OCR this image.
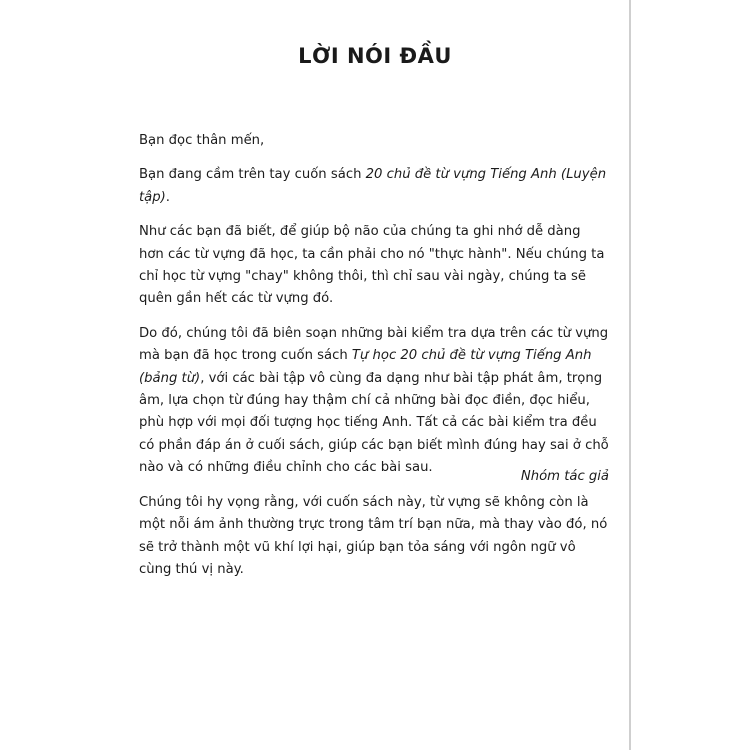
LỜI NÓI ĐẦU

Bạn đọc thân mến,

Bạn đang cầm trên tay cuốn sách 20 chủ đề từ vựng Tiếng Anh (Luyện tập).

Như các bạn đã biết, để giúp bộ não của chúng ta ghi nhớ dễ dàng hơn các từ vựng đã học, ta cần phải cho nó "thực hành". Nếu chúng ta chỉ học từ vựng "chay" không thôi, thì chỉ sau vài ngày, chúng ta sẽ quên gần hết các từ vựng đó.

Do đó, chúng tôi đã biên soạn những bài kiểm tra dựa trên các từ vựng mà bạn đã học trong cuốn sách Tự học 20 chủ đề từ vựng Tiếng Anh (bảng từ), với các bài tập vô cùng đa dạng như bài tập phát âm, trọng âm, lựa chọn từ đúng hay thậm chí cả những bài đọc điền, đọc hiểu, phù hợp với mọi đối tượng học tiếng Anh. Tất cả các bài kiểm tra đều có phần đáp án ở cuối sách, giúp các bạn biết mình đúng hay sai ở chỗ nào và có những điều chỉnh cho các bài sau.

Chúng tôi hy vọng rằng, với cuốn sách này, từ vựng sẽ không còn là một nỗi ám ảnh thường trực trong tâm trí bạn nữa, mà thay vào đó, nó sẽ trở thành một vũ khí lợi hại, giúp bạn tỏa sáng với ngôn ngữ vô cùng thú vị này.

Nhóm tác giả
